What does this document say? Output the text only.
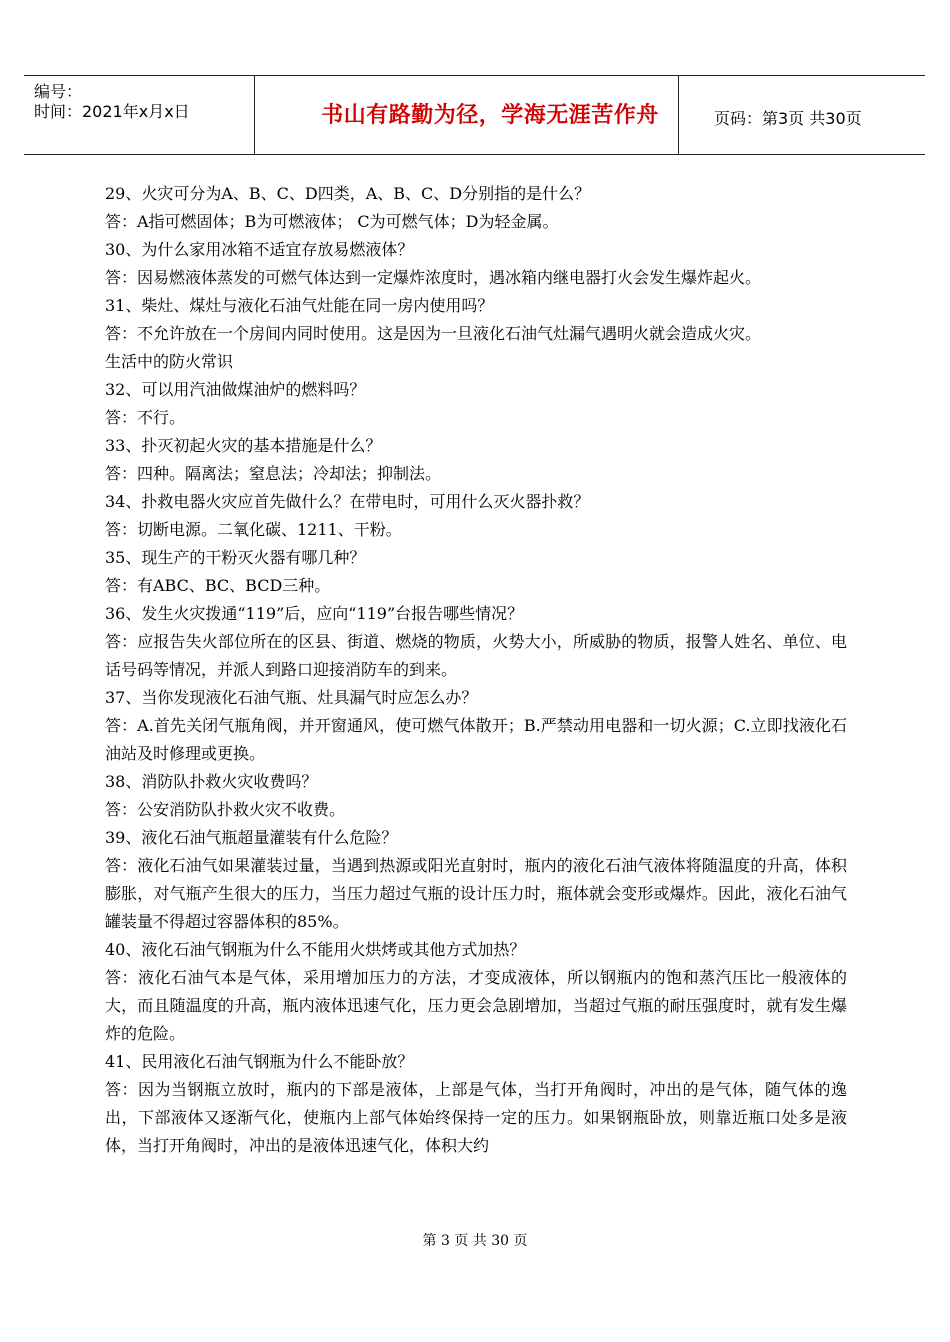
编号：
时间：2021年x月x日	书山有路勤为径，学海无涯苦作舟	页码：第3页 共30页
29、火灾可分为A、B、C、D四类，A、B、C、D分别指的是什么？
答：A指可燃固体；B为可燃液体； C为可燃气体；D为轻金属。
30、为什么家用冰箱不适宜存放易燃液体？
答：因易燃液体蒸发的可燃气体达到一定爆炸浓度时，遇冰箱内继电器打火会发生爆炸起火。
31、柴灶、煤灶与液化石油气灶能在同一房内使用吗？
答：不允许放在一个房间内同时使用。这是因为一旦液化石油气灶漏气遇明火就会造成火灾。
生活中的防火常识
32、可以用汽油做煤油炉的燃料吗？
答：不行。
33、扑灭初起火灾的基本措施是什么？
答：四种。隔离法；窒息法；冷却法；抑制法。
34、扑救电器火灾应首先做什么？在带电时，可用什么灭火器扑救？
答：切断电源。二氧化碳、1211、干粉。
35、现生产的干粉灭火器有哪几种？
答：有ABC、BC、BCD三种。
36、发生火灾拨通“119”后，应向“119”台报告哪些情况？
答：应报告失火部位所在的区县、街道、燃烧的物质，火势大小，所威胁的物质，报警人姓名、单位、电话号码等情况，并派人到路口迎接消防车的到来。
37、当你发现液化石油气瓶、灶具漏气时应怎么办？
答：A.首先关闭气瓶角阀，并开窗通风，使可燃气体散开；B.严禁动用电器和一切火源；C.立即找液化石油站及时修理或更换。
38、消防队扑救火灾收费吗？
答：公安消防队扑救火灾不收费。
39、液化石油气瓶超量灌装有什么危险？
答：液化石油气如果灌装过量，当遇到热源或阳光直射时，瓶内的液化石油气液体将随温度的升高，体积膨胀，对气瓶产生很大的压力，当压力超过气瓶的设计压力时，瓶体就会变形或爆炸。因此，液化石油气罐装量不得超过容器体积的85%。
40、液化石油气钢瓶为什么不能用火烘烤或其他方式加热？
答：液化石油气本是气体，采用增加压力的方法，才变成液体，所以钢瓶内的饱和蒸汽压比一般液体的大，而且随温度的升高，瓶内液体迅速气化，压力更会急剧增加，当超过气瓶的耐压强度时，就有发生爆炸的危险。
41、民用液化石油气钢瓶为什么不能卧放？
答：因为当钢瓶立放时，瓶内的下部是液体，上部是气体，当打开角阀时，冲出的是气体，随气体的逸出，下部液体又逐渐气化，使瓶内上部气体始终保持一定的压力。如果钢瓶卧放，则靠近瓶口处多是液体，当打开角阀时，冲出的是液体迅速气化，体积大约
第 3 页 共 30 页
